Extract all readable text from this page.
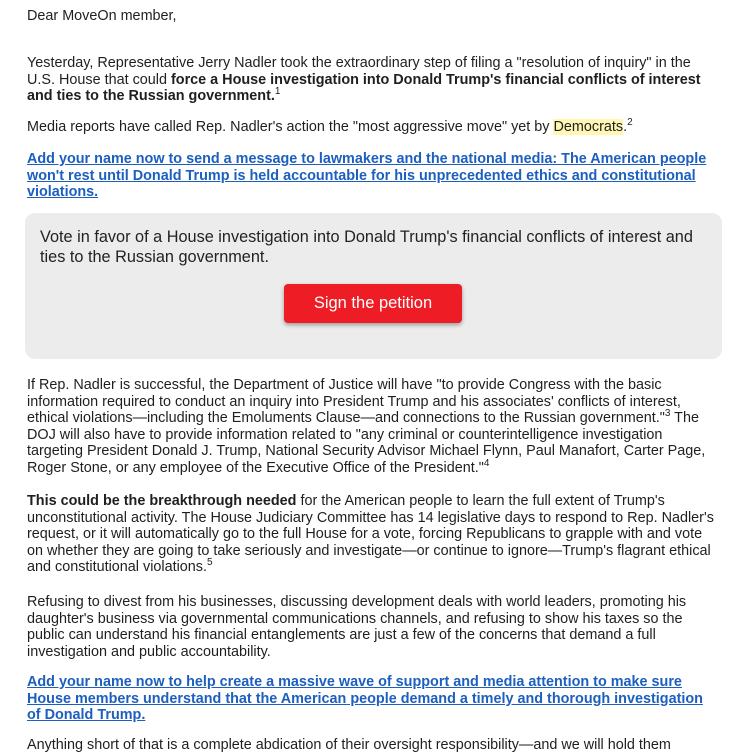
Dear MoveOn member,

Yesterday, Representative Jerry Nadler took the extraordinary step of filing a "resolution of inquiry" in the U.S. House that could force a House investigation into Donald Trump's financial conflicts of interest and ties to the Russian government.$^1$

Media reports have called Rep. Nadler's action the "most aggressive move" yet by Democrats.$^2$

Add your name now to send a message to lawmakers and the national media: The American people won't rest until Donald Trump is held accountable for his unprecedented ethics and constitutional violations.

Vote in favor of a House investigation into Donald Trump's financial conflicts of interest and ties to the Russian government.
Sign the petition

If Rep. Nadler is successful, the Department of Justice will have "to provide Congress with the basic information required to conduct an inquiry into President Trump and his associates' conflicts of interest, ethical violations—including the Emoluments Clause—and connections to the Russian government."$^3$ The DOJ will also have to provide information related to "any criminal or counterintelligence investigation targeting President Donald J. Trump, National Security Advisor Michael Flynn, Paul Manafort, Carter Page, Roger Stone, or any employee of the Executive Office of the President."$^4$

This could be the breakthrough needed for the American people to learn the full extent of Trump's unconstitutional activity. The House Judiciary Committee has 14 legislative days to respond to Rep. Nadler's request, or it will automatically go to the full House for a vote, forcing Republicans to grapple with and vote on whether they are going to take seriously and investigate—or continue to ignore—Trump's flagrant ethical and constitutional violations.$^5$

Refusing to divest from his businesses, discussing development deals with world leaders, promoting his daughter's business via governmental communications channels, and refusing to show his taxes so the public can understand his financial entanglements are just a few of the concerns that demand a full investigation and public accountability.

Add your name now to help create a massive wave of support and media attention to make sure House members understand that the American people demand a timely and thorough investigation of Donald Trump.

Anything short of that is a complete abdication of their oversight responsibility—and we will hold them
